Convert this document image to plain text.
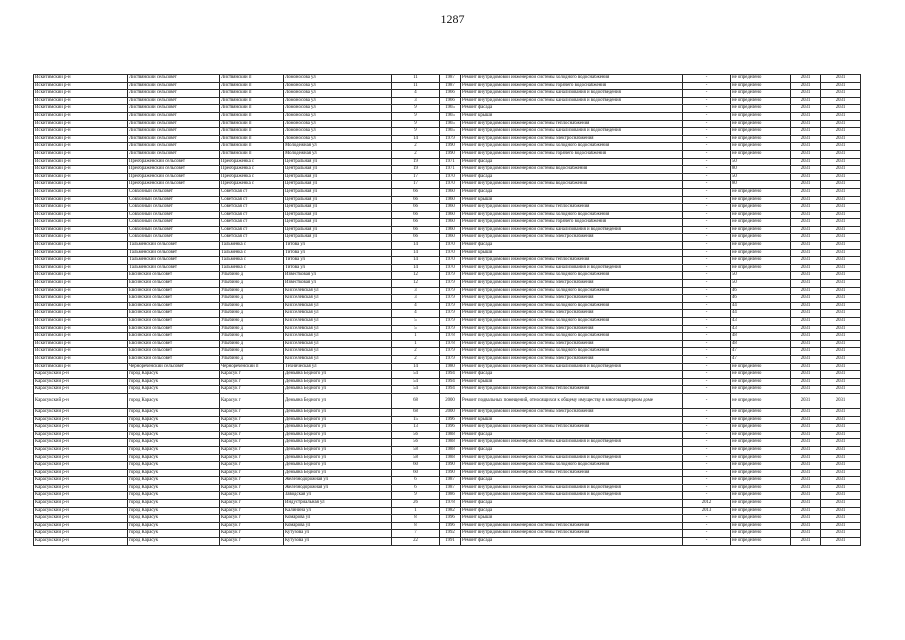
1287
Искитимский р-н	Листвянский сельсовет	Листвянский п	Ломоносова ул	11	1987	Ремонт внутридомовой инженерной системы холодного водоснабжения	-	не определено	2031	2031
Искитимский р-н	Листвянский сельсовет	Листвянский п	Ломоносова ул	11	1987	Ремонт внутридомовой инженерной системы горячего водоснабжения	-	не определено	2031	2031
Искитимский р-н	Листвянский сельсовет	Листвянский п	Ломоносова ул	4	1966	Ремонт внутридомовой инженерной системы канализования и водоотведения	-	не определено	2031	2031
Искитимский р-н	Листвянский сельсовет	Листвянский п	Ломоносова ул	3	1966	Ремонт внутридомовой инженерной системы канализования и водоотведения	-	не определено	2031	2031
Искитимский р-н	Листвянский сельсовет	Листвянский п	Ломоносова ул	9	1965	Ремонт фасада	-	не определено	2031	2031
Искитимский р-н	Листвянский сельсовет	Листвянский п	Ломоносова ул	9	1965	Ремонт крыши	-	не определено	2031	2031
Искитимский р-н	Листвянский сельсовет	Листвянский п	Ломоносова ул	9	1965	Ремонт внутридомовой инженерной системы теплоснабжения	-	не определено	2031	2031
Искитимский р-н	Листвянский сельсовет	Листвянский п	Ломоносова ул	9	1965	Ремонт внутридомовой инженерной системы канализования и водоотведения	-	не определено	2031	2031
Искитимский р-н	Листвянский сельсовет	Листвянский п	Ломоносова ул	14	1979	Ремонт внутридомовой инженерной системы электроснабжения	-	не определено	2031	2031
Искитимский р-н	Листвянский сельсовет	Листвянский п	Молодежная ул	2	1990	Ремонт внутридомовой инженерной системы холодного водоснабжения	-	не определено	2031	2031
Искитимский р-н	Листвянский сельсовет	Листвянский п	Молодежная ул	2	1990	Ремонт внутридомовой инженерной системы горячего водоснабжения	-	не определено	2031	2031
Искитимский р-н	Преображенский сельсовет	Преображенка с	Центральная ул	19	1971	Ремонт фасада	-	50	2031	2031
Искитимский р-н	Преображенский сельсовет	Преображенка с	Центральная ул	19	1971	Ремонт внутридомовой инженерной системы водоснабжения	-	80	2031	2031
Искитимский р-н	Преображенский сельсовет	Преображенка с	Центральная ул	17	1970	Ремонт фасада	-	50	2031	2031
Искитимский р-н	Преображенский сельсовет	Преображенка с	Центральная ул	17	1970	Ремонт внутридомовой инженерной системы водоснабжения	-	80	2031	2031
Искитимский р-н	Совхозный сельсовет	Советская ст	Центральная ул	66	1960	Ремонт фасада	-	не определено	2031	2031
Искитимский р-н	Совхозный сельсовет	Советская ст	Центральная ул	66	1960	Ремонт крыши	-	не определено	2031	2031
Искитимский р-н	Совхозный сельсовет	Советская ст	Центральная ул	66	1960	Ремонт внутридомовой инженерной системы теплоснабжения	-	не определено	2031	2031
Искитимский р-н	Совхозный сельсовет	Советская ст	Центральная ул	66	1960	Ремонт внутридомовой инженерной системы холодного водоснабжения	-	не определено	2031	2031
Искитимский р-н	Совхозный сельсовет	Советская ст	Центральная ул	66	1960	Ремонт внутридомовой инженерной системы горячего водоснабжения	-	не определено	2031	2031
Искитимский р-н	Совхозный сельсовет	Советская ст	Центральная ул	66	1960	Ремонт внутридомовой инженерной системы канализования и водоотведения	-	не определено	2031	2031
Искитимский р-н	Совхозный сельсовет	Советская ст	Центральная ул	66	1960	Ремонт внутридомовой инженерной системы электроснабжения	-	не определено	2031	2031
Искитимский р-н	Тальменский сельсовет	Тальменка с	Титова ул	14	1970	Ремонт фасада	-	не определено	2031	2031
Искитимский р-н	Тальменский сельсовет	Тальменка с	Титова ул	14	1970	Ремонт крыши	-	не определено	2031	2031
Искитимский р-н	Тальменский сельсовет	Тальменка с	Титова ул	14	1970	Ремонт внутридомовой инженерной системы теплоснабжения	-	не определено	2031	2031
Искитимский р-н	Тальменский сельсовет	Тальменка с	Титова ул	14	1970	Ремонт внутридомовой инженерной системы канализования и водоотведения	-	не определено	2031	2031
Искитимский р-н	Евсинский сельсовет	Улыбино д	Известковая ул	12	1979	Ремонт внутридомовой инженерной системы холодного водоснабжения	-	50	2031	2031
Искитимский р-н	Евсинский сельсовет	Улыбино д	Известковая ул	12	1979	Ремонт внутридомовой инженерной системы электроснабжения	-	50	2031	2031
Искитимский р-н	Евсинский сельсовет	Улыбино д	Кисселевская ул	3	1979	Ремонт внутридомовой инженерной системы холодного водоснабжения	-	46	2031	2031
Искитимский р-н	Евсинский сельсовет	Улыбино д	Кисселевская ул	3	1979	Ремонт внутридомовой инженерной системы электроснабжения	-	46	2031	2031
Искитимский р-н	Евсинский сельсовет	Улыбино д	Кисселевская ул	4	1979	Ремонт внутридомовой инженерной системы холодного водоснабжения	-	44	2031	2031
Искитимский р-н	Евсинский сельсовет	Улыбино д	Кисселевская ул	4	1979	Ремонт внутридомовой инженерной системы электроснабжения	-	44	2031	2031
Искитимский р-н	Евсинский сельсовет	Улыбино д	Кисселевская ул	5	1979	Ремонт внутридомовой инженерной системы холодного водоснабжения	-	43	2031	2031
Искитимский р-н	Евсинский сельсовет	Улыбино д	Кисселевская ул	5	1979	Ремонт внутридомовой инженерной системы электроснабжения	-	43	2031	2031
Искитимский р-н	Евсинский сельсовет	Улыбино д	Кисселевская ул	1	1978	Ремонт внутридомовой инженерной системы холодного водоснабжения	-	48	2031	2031
Искитимский р-н	Евсинский сельсовет	Улыбино д	Кисселевская ул	1	1978	Ремонт внутридомовой инженерной системы электроснабжения	-	48	2031	2031
Искитимский р-н	Евсинский сельсовет	Улыбино д	Кисселевская ул	2	1979	Ремонт внутридомовой инженерной системы холодного водоснабжения	-	47	2031	2031
Искитимский р-н	Евсинский сельсовет	Улыбино д	Кисселевская ул	2	1979	Ремонт внутридомовой инженерной системы электроснабжения	-	47	2031	2031
Искитимский р-н	Чернореченский сельсовет	Чернореченский п	Техническая ул	14	1980	Ремонт внутридомовой инженерной системы канализования и водоотведения	-	не определено	2031	2031
Карасукский р-н	город Карасук	Карасук г	Демьяна Бедного ул	54	1994	Ремонт фасада	-	не определено	2031	2031
Карасукский р-н	город Карасук	Карасук г	Демьяна Бедного ул	54	1994	Ремонт крыши	-	не определено	2031	2031
Карасукский р-н	город Карасук	Карасук г	Демьяна Бедного ул	54	1994	Ремонт внутридомовой инженерной системы теплоснабжения	-	не определено	2031	2031
Карасукский р-н	город Карасук	Карасук г	Демьяна Бедного ул	68	2000	Ремонт подвальных помещений, относящихся к общему имуществу в многоквартирном доме	-	не определено	2031	2031
Карасукский р-н	город Карасук	Карасук г	Демьяна Бедного ул	68	2000	Ремонт внутридомовой инженерной системы электроснабжения	-	не определено	2031	2031
Карасукский р-н	город Карасук	Карасук г	Демьяна Бедного ул	15	1996	Ремонт крыши	-	не определено	2031	2031
Карасукский р-н	город Карасук	Карасук г	Демьяна Бедного ул	13	1996	Ремонт внутридомовой инженерной системы теплоснабжения	-	не определено	2031	2031
Карасукский р-н	город Карасук	Карасук г	Демьяна Бедного ул	56	1988	Ремонт фасада	-	не определено	2031	2031
Карасукский р-н	город Карасук	Карасук г	Демьяна Бедного ул	56	1988	Ремонт внутридомовой инженерной системы канализования и водоотведения	-	не определено	2031	2031
Карасукский р-н	город Карасук	Карасук г	Демьяна Бедного ул	58	1988	Ремонт фасада	-	не определено	2031	2031
Карасукский р-н	город Карасук	Карасук г	Демьяна Бедного ул	58	1988	Ремонт внутридомовой инженерной системы канализования и водоотведения	-	не определено	2031	2031
Карасукский р-н	город Карасук	Карасук г	Демьяна Бедного ул	60	1990	Ремонт внутридомовой инженерной системы холодного водоснабжения	-	не определено	2031	2031
Карасукский р-н	город Карасук	Карасук г	Демьяна Бедного ул	60	1990	Ремонт внутридомовой инженерной системы теплоснабжения	-	не определено	2031	2031
Карасукский р-н	город Карасук	Карасук г	Железнодорожная ул	6	1987	Ремонт фасада	-	не определено	2031	2031
Карасукский р-н	город Карасук	Карасук г	Железнодорожная ул	6	1987	Ремонт внутридомовой инженерной системы канализования и водоотведения	-	не определено	2031	2031
Карасукский р-н	город Карасук	Карасук г	Заводская ул	9	1986	Ремонт внутридомовой инженерной системы канализования и водоотведения	-	не определено	2031	2031
Карасукский р-н	город Карасук	Карасук г	Индустриальная ул	26	1978	Ремонт фасада	2012	не определено	2031	2031
Карасукский р-н	город Карасук	Карасук г	Калинина ул	1	1982	Ремонт фасада	2013	не определено	2031	2031
Карасукский р-н	город Карасук	Карасук г	Комарова ул	8	1996	Ремонт крыши	-	не определено	2031	2031
Карасукский р-н	город Карасук	Карасук г	Комарова ул	8	1996	Ремонт внутридомовой инженерной системы теплоснабжения	-	не определено	2031	2031
Карасукский р-н	город Карасук	Карасук г	Кутузова ул	7	1992	Ремонт внутридомовой инженерной системы теплоснабжения	-	не определено	2031	2031
Карасукский р-н	город Карасук	Карасук г	Кутузова ул	22	1991	Ремонт фасада	-	не определено	2031	2031
